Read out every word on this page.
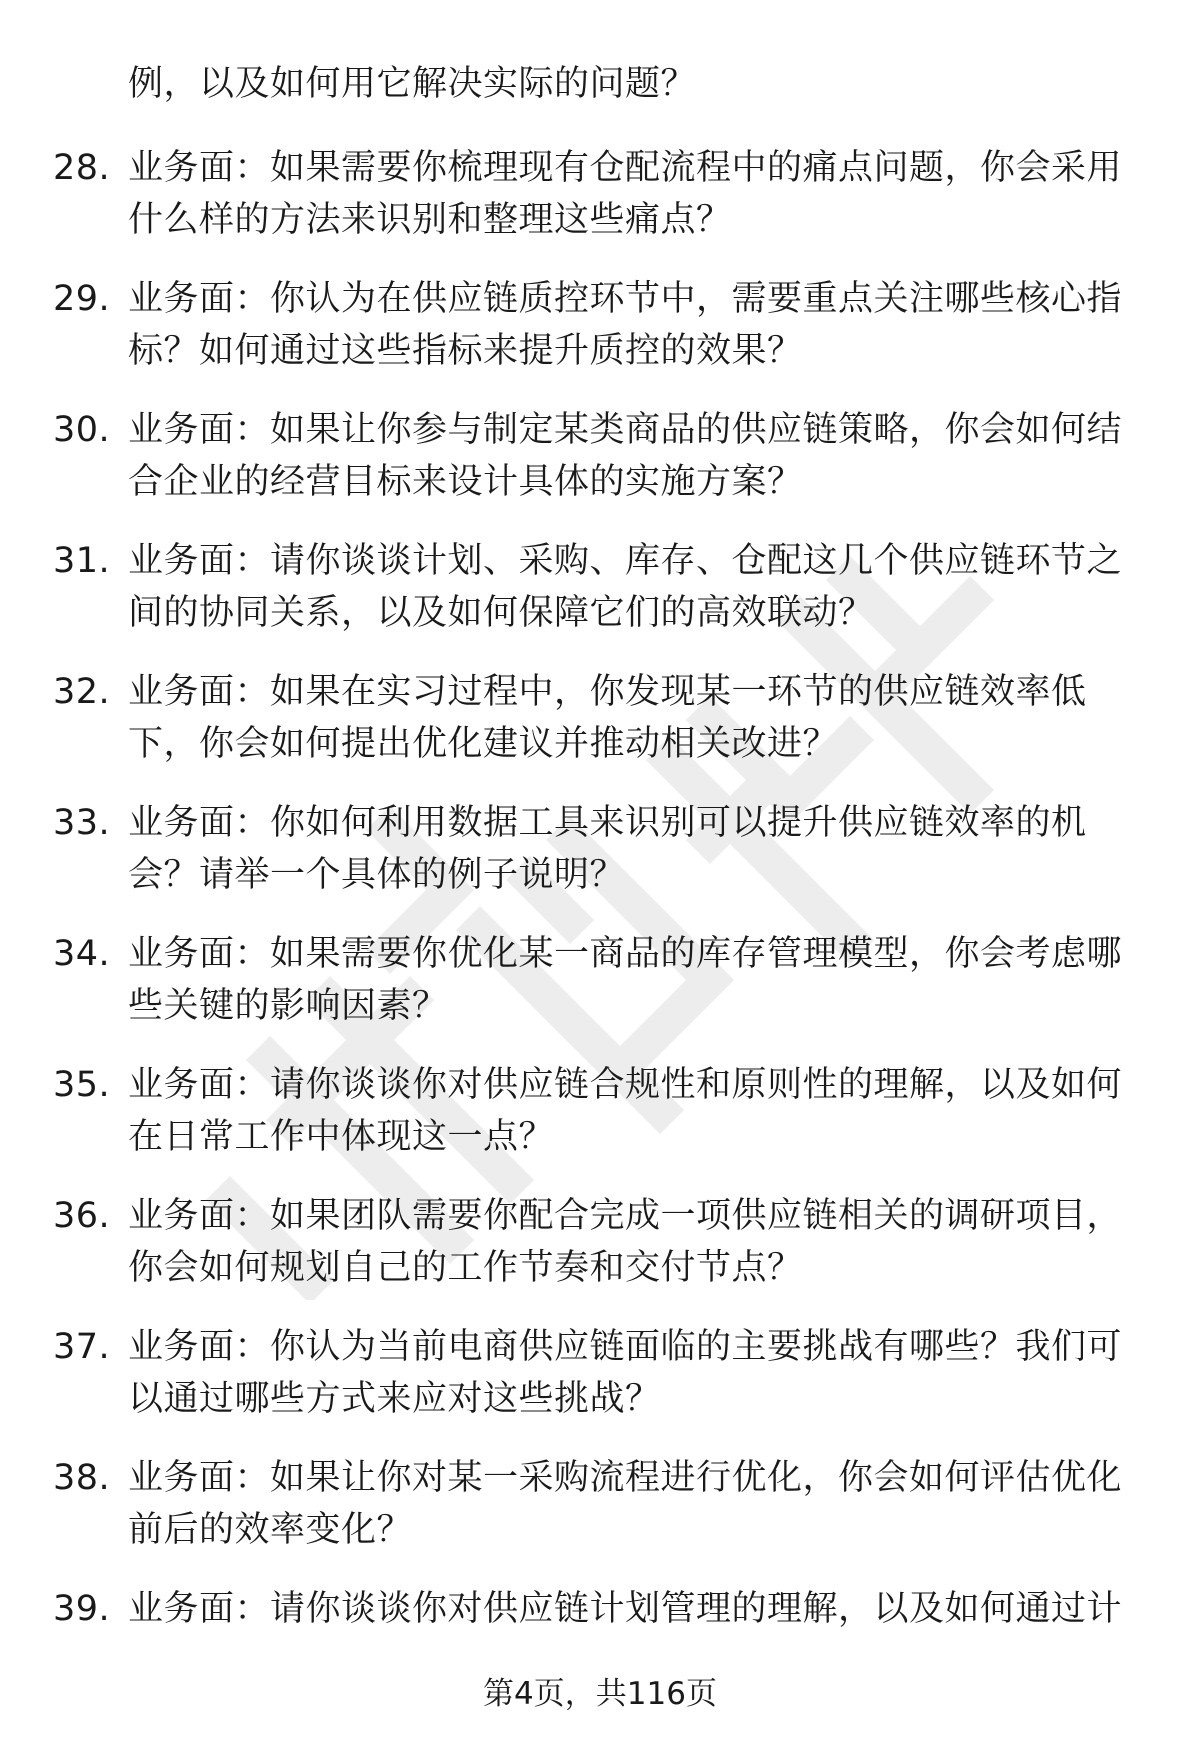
例，以及如何用它解决实际的问题？

28. 业务面：如果需要你梳理现有仓配流程中的痛点问题，你会采用什么样的方法来识别和整理这些痛点？
29. 业务面：你认为在供应链质控环节中，需要重点关注哪些核心指标？如何通过这些指标来提升质控的效果？
30. 业务面：如果让你参与制定某类商品的供应链策略，你会如何结合企业的经营目标来设计具体的实施方案？
31. 业务面：请你谈谈计划、采购、库存、仓配这几个供应链环节之间的协同关系，以及如何保障它们的高效联动？
32. 业务面：如果在实习过程中，你发现某一环节的供应链效率低下，你会如何提出优化建议并推动相关改进？
33. 业务面：你如何利用数据工具来识别可以提升供应链效率的机会？请举一个具体的例子说明？
34. 业务面：如果需要你优化某一商品的库存管理模型，你会考虑哪些关键的影响因素？
35. 业务面：请你谈谈你对供应链合规性和原则性的理解，以及如何在日常工作中体现这一点？
36. 业务面：如果团队需要你配合完成一项供应链相关的调研项目，你会如何规划自己的工作节奏和交付节点？
37. 业务面：你认为当前电商供应链面临的主要挑战有哪些？我们可以通过哪些方式来应对这些挑战？
38. 业务面：如果让你对某一采购流程进行优化，你会如何评估优化前后的效率变化？
39. 业务面：请你谈谈你对供应链计划管理的理解，以及如何通过计
第4页，共116页
